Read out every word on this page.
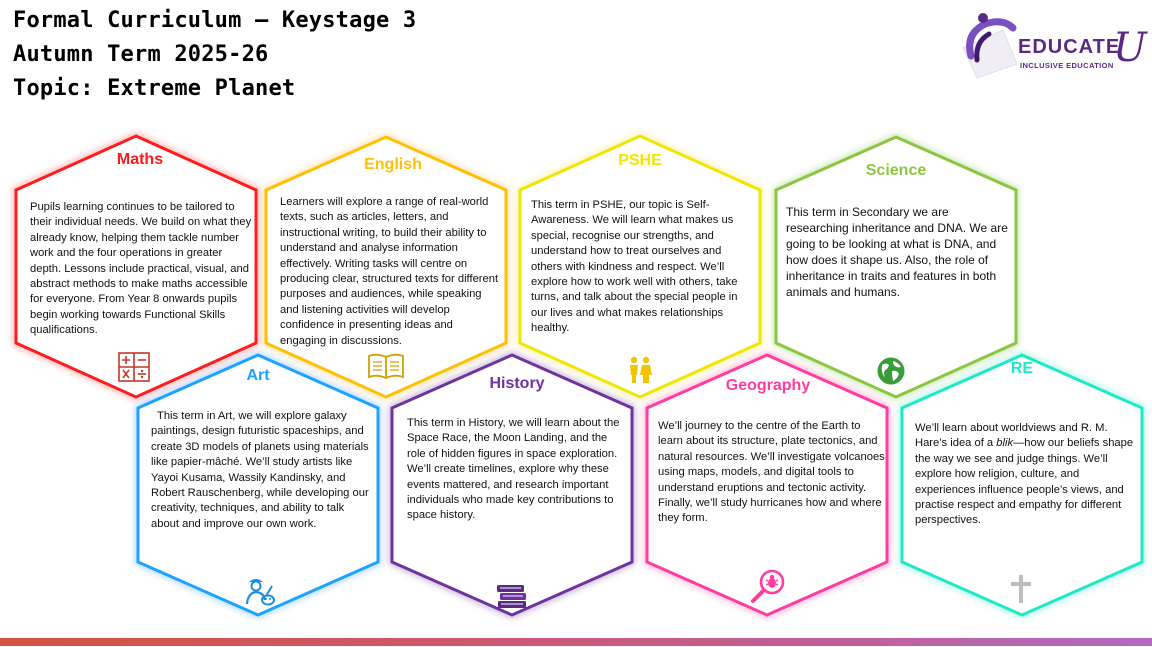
Formal Curriculum – Keystage 3
Autumn Term 2025-26
Topic: Extreme Planet
EDUCATE
U
INCLUSIVE EDUCATION
Maths
Pupils learning continues to be tailored to their individual needs. We build on what they already know, helping them tackle number work and the four operations in greater depth. Lessons include practical, visual, and abstract methods to make maths accessible for everyone. From Year 8 onwards pupils begin working towards Functional Skills qualifications.
English
Learners will explore a range of real-world texts, such as articles, letters, and instructional writing, to build their ability to understand and analyse information effectively. Writing tasks will centre on producing clear, structured texts for different purposes and audiences, while speaking and listening activities will develop confidence in presenting ideas and engaging in discussions.
PSHE
This term in PSHE, our topic is Self-Awareness. We will learn what makes us special, recognise our strengths, and understand how to treat ourselves and others with kindness and respect. We’ll explore how to work well with others, take turns, and talk about the special people in our lives and what makes relationships healthy.
Science
This term in Secondary we are researching inheritance and DNA. We are going to be looking at what is DNA, and how does it shape us. Also, the role of inheritance in traits and features in both animals and humans.
Art
This term in Art, we will explore galaxy paintings, design futuristic spaceships, and create 3D models of planets using materials like papier-mâché. We’ll study artists like Yayoi Kusama, Wassily Kandinsky, and Robert Rauschenberg, while developing our creativity, techniques, and ability to talk about and improve our own work.
History
This term in History, we will learn about the Space Race, the Moon Landing, and the role of hidden figures in space exploration. We’ll create timelines, explore why these events mattered, and research important individuals who made key contributions to space history.
Geography
We’ll journey to the centre of the Earth to learn about its structure, plate tectonics, and natural resources. We’ll investigate volcanoes using maps, models, and digital tools to understand eruptions and tectonic activity. Finally, we’ll study hurricanes how and where they form.
RE
We’ll learn about worldviews and R. M. Hare’s idea of a blik—how our beliefs shape the way we see and judge things. We’ll explore how religion, culture, and experiences influence people’s views, and practise respect and empathy for different perspectives.
